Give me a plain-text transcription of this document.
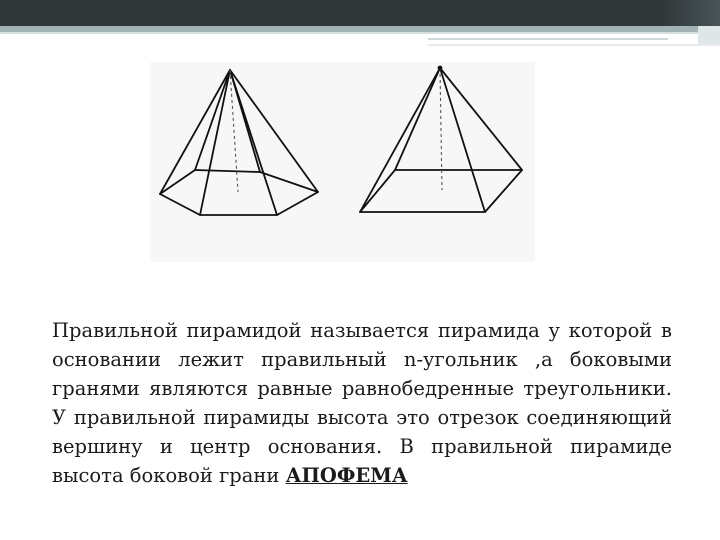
Правильной пирамидой называется пирамида у которой в основании лежит правильный n-угольник ,а боковыми гранями являются равные равнобедренные треугольники. У правильной пирамиды высота это отрезок соединяющий вершину и центр основания. В правильной пирамиде высота боковой грани АПОФЕМА
